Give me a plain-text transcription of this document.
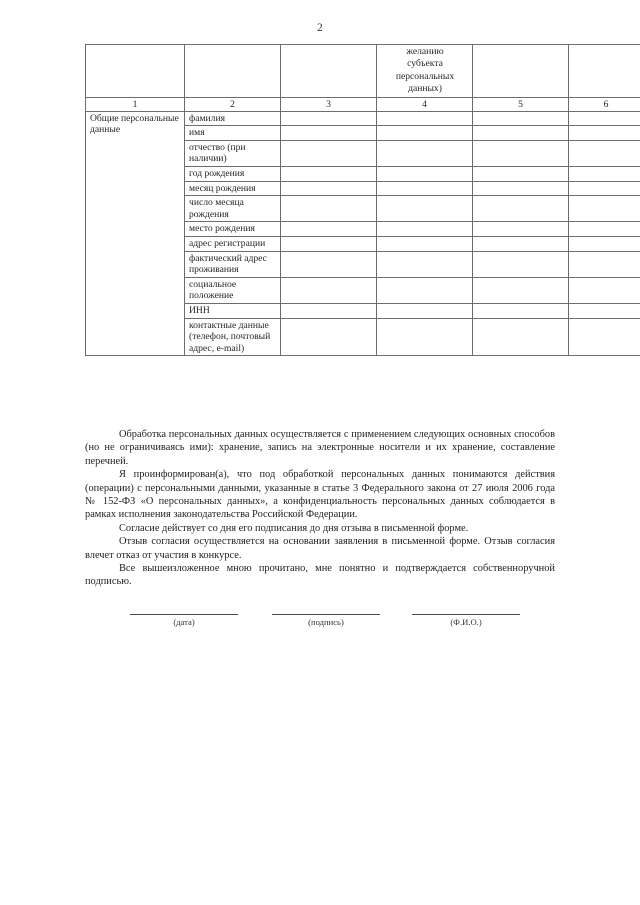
2
			желанию
субъекта
персональных
данных)		
1	2	3	4	5	6
Общие персональные данные	фамилия				
	имя				
	отчество (при наличии)				
	год рождения				
	месяц рождения				
	число месяца рождения				
	место рождения				
	адрес регистрации				
	фактический адрес проживания				
	социальное положение				
	ИНН				
	контактные данные (телефон, почтовый адрес, e-mail)				

Обработка персональных данных осуществляется с применением следующих основных способов (но не ограничиваясь ими): хранение, запись на электронные носители и их хранение, составление перечней.

Я проинформирован(а), что под обработкой персональных данных понимаются действия (операции) с персональными данными, указанные в статье 3 Федерального закона от 27 июля 2006 года № 152-ФЗ «О персональных данных», а конфиденциальность персональных данных соблюдается в рамках исполнения законодательства Российской Федерации.

Согласие действует со дня его подписания до дня отзыва в письменной форме.

Отзыв согласия осуществляется на основании заявления в письменной форме. Отзыв согласия влечет отказ от участия в конкурсе.

Все вышеизложенное мною прочитано, мне понятно и подтверждается собственноручной подписью.

(дата)	(подпись)	(Ф.И.О.)
